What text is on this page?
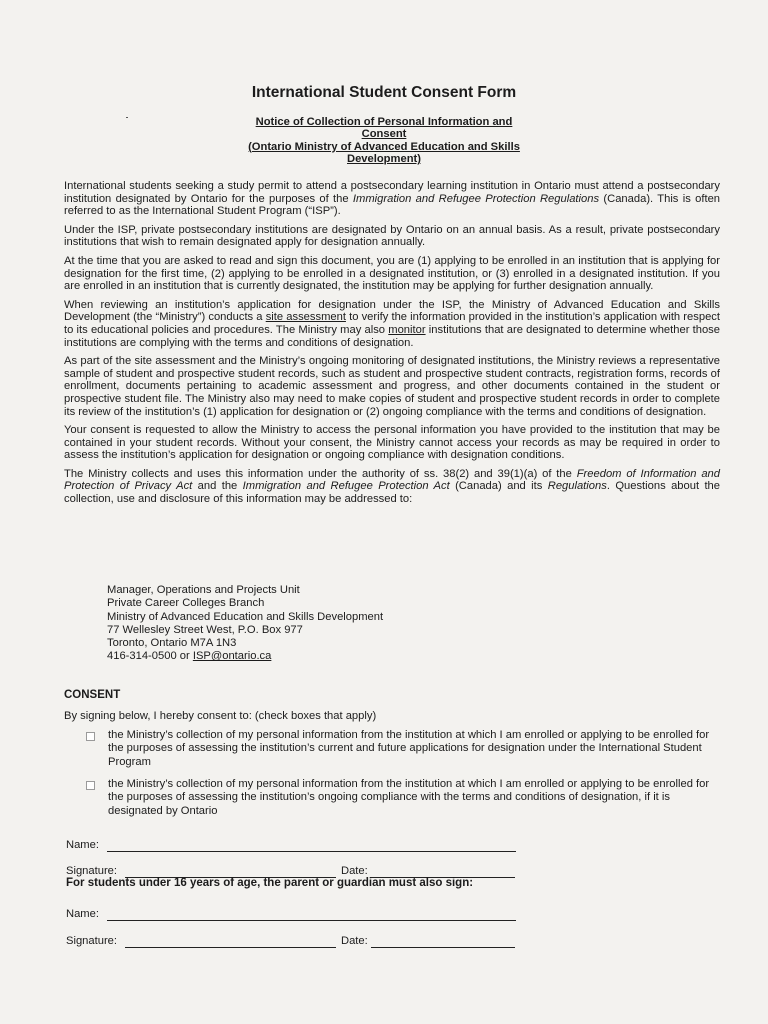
International Student Consent Form
Notice of Collection of Personal Information and
Consent
(Ontario Ministry of Advanced Education and Skills
Development)

International students seeking a study permit to attend a postsecondary learning institution in Ontario must attend a postsecondary institution designated by Ontario for the purposes of the Immigration and Refugee Protection Regulations (Canada). This is often referred to as the International Student Program (“ISP”).

Under the ISP, private postsecondary institutions are designated by Ontario on an annual basis. As a result, private postsecondary institutions that wish to remain designated apply for designation annually.

At the time that you are asked to read and sign this document, you are (1) applying to be enrolled in an institution that is applying for designation for the first time, (2) applying to be enrolled in a designated institution, or (3) enrolled in a designated institution. If you are enrolled in an institution that is currently designated, the institution may be applying for further designation annually.

When reviewing an institution’s application for designation under the ISP, the Ministry of Advanced Education and Skills Development (the “Ministry”) conducts a site assessment to verify the information provided in the institution’s application with respect to its educational policies and procedures. The Ministry may also monitor institutions that are designated to determine whether those institutions are complying with the terms and conditions of designation.

As part of the site assessment and the Ministry’s ongoing monitoring of designated institutions, the Ministry reviews a representative sample of student and prospective student records, such as student and prospective student contracts, registration forms, records of enrollment, documents pertaining to academic assessment and progress, and other documents contained in the student or prospective student file. The Ministry also may need to make copies of student and prospective student records in order to complete its review of the institution’s (1) application for designation or (2) ongoing compliance with the terms and conditions of designation.

Your consent is requested to allow the Ministry to access the personal information you have provided to the institution that may be contained in your student records. Without your consent, the Ministry cannot access your records as may be required in order to assess the institution’s application for designation or ongoing compliance with designation conditions.

The Ministry collects and uses this information under the authority of ss. 38(2) and 39(1)(a) of the Freedom of Information and Protection of Privacy Act and the Immigration and Refugee Protection Act (Canada) and its Regulations. Questions about the collection, use and disclosure of this information may be addressed to:

Manager, Operations and Projects Unit
Private Career Colleges Branch
Ministry of Advanced Education and Skills Development
77 Wellesley Street West, P.O. Box 977
Toronto, Ontario M7A 1N3
416-314-0500 or ISP@ontario.ca
CONSENT
By signing below, I hereby consent to: (check boxes that apply)
the Ministry’s collection of my personal information from the institution at which I am enrolled or applying to be enrolled for the purposes of assessing the institution’s current and future applications for designation under the International Student Program
the Ministry’s collection of my personal information from the institution at which I am enrolled or applying to be enrolled for the purposes of assessing the institution’s ongoing compliance with the terms and conditions of designation, if it is designated by Ontario
Name:
Signature:	Date:
For students under 16 years of age, the parent or guardian must also sign:
Name:
Signature:	Date:
